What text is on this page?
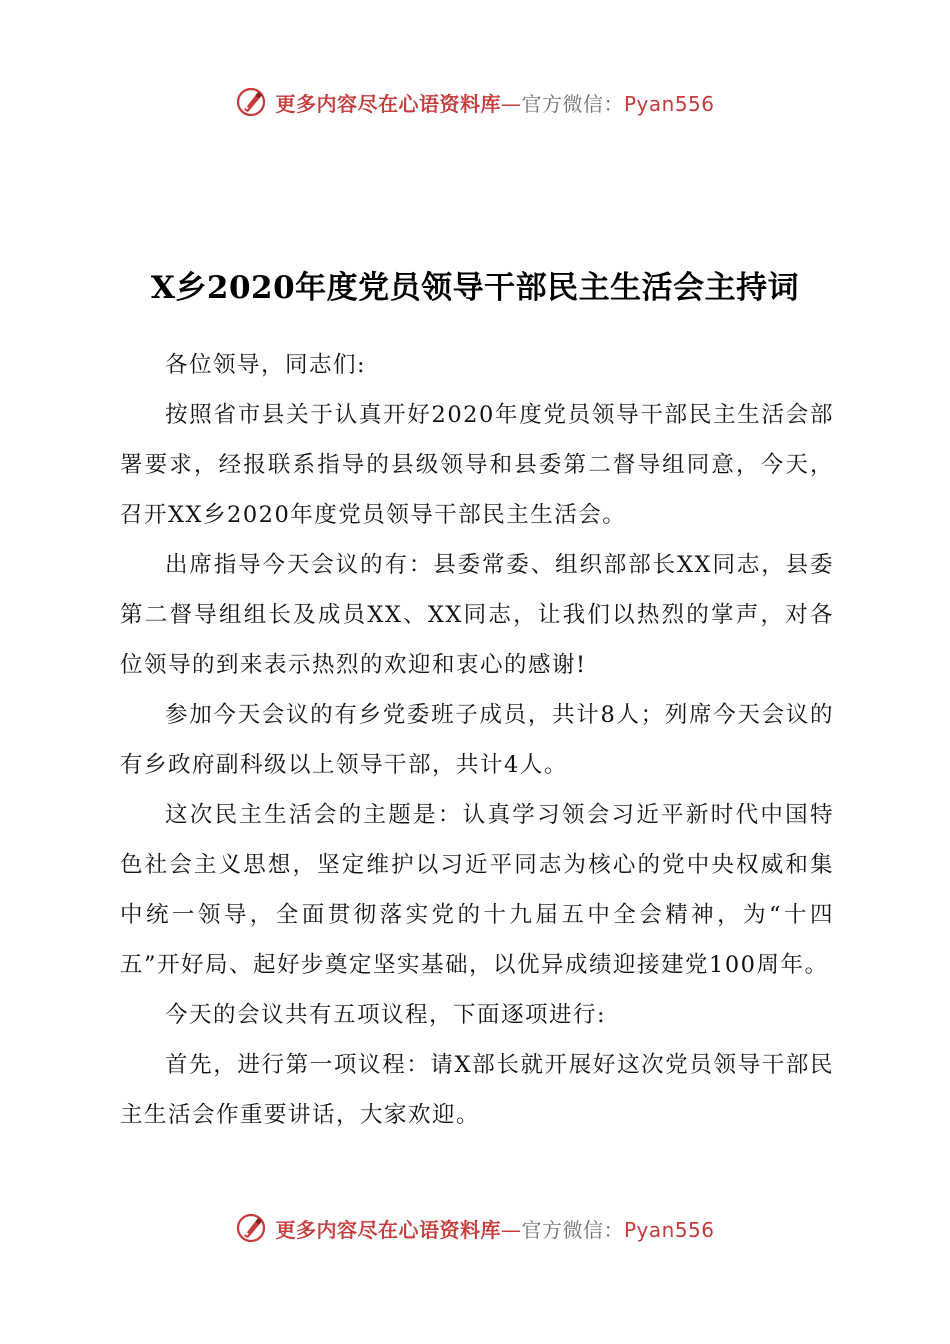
更多内容尽在心语资料库—官方微信：Pyan556
X乡2020年度党员领导干部民主生活会主持词

各位领导，同志们:

按照省市县关于认真开好2020年度党员领导干部民主生活会部署要求，经报联系指导的县级领导和县委第二督导组同意，今天，召开XX乡2020年度党员领导干部民主生活会。

出席指导今天会议的有：县委常委、组织部部长XX同志，县委第二督导组组长及成员XX、XX同志，让我们以热烈的掌声，对各位领导的到来表示热烈的欢迎和衷心的感谢!

参加今天会议的有乡党委班子成员，共计8人；列席今天会议的有乡政府副科级以上领导干部，共计4人。

这次民主生活会的主题是：认真学习领会习近平新时代中国特色社会主义思想，坚定维护以习近平同志为核心的党中央权威和集中统一领导，全面贯彻落实党的十九届五中全会精神，为“十四五”开好局、起好步奠定坚实基础，以优异成绩迎接建党100周年。

今天的会议共有五项议程，下面逐项进行:

首先，进行第一项议程：请X部长就开展好这次党员领导干部民主生活会作重要讲话，大家欢迎。

更多内容尽在心语资料库—官方微信：Pyan556
